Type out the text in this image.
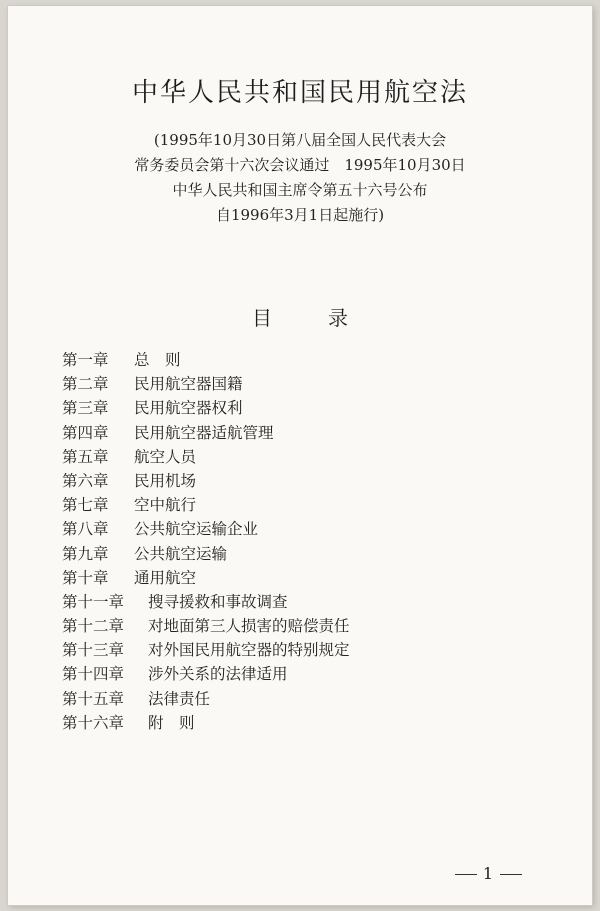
中华人民共和国民用航空法
(1995年10月30日第八届全国人民代表大会
常务委员会第十六次会议通过　1995年10月30日
中华人民共和国主席令第五十六号公布
自1996年3月1日起施行)
目　录
第一章 总　则
第二章 民用航空器国籍
第三章 民用航空器权利
第四章 民用航空器适航管理
第五章 航空人员
第六章 民用机场
第七章 空中航行
第八章 公共航空运输企业
第九章 公共航空运输
第十章 通用航空
第十一章 搜寻援救和事故调查
第十二章 对地面第三人损害的赔偿责任
第十三章 对外国民用航空器的特别规定
第十四章 涉外关系的法律适用
第十五章 法律责任
第十六章 附　则
1
